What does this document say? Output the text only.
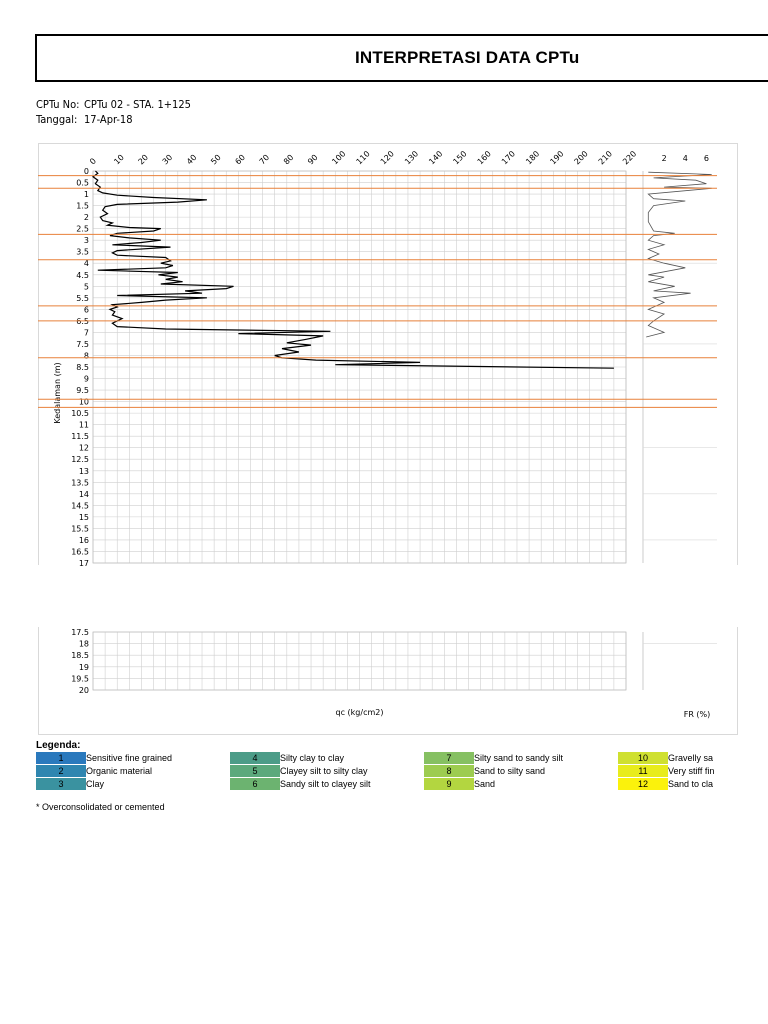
INTERPRETASI DATA CPTu
CPTu No: CPTu 02 - STA. 1+125
Tanggal: 17-Apr-18
0 10 20 30 40 50 60 70 80 90 100 110 120 130 140 150 160 170 180 190 200 210 220
0
0.5
1
1.5
2
2.5
3
3.5
4
4.5
5
5.5
6
6.5
7
7.5
8
8.5
9
9.5
10
10.5
11
11.5
12
12.5
13
13.5
14
14.5
15
15.5
16
16.5
17
17.5
18
18.5
19
19.5
20
2 4 6
Kedalaman (m)
qc (kg/cm2)	FR (%)
Legenda:
1	Sensitive fine grained
2	Organic material
3	Clay
4	Silty clay to clay
5	Clayey silt to silty clay
6	Sandy silt to clayey silt
7	Silty sand to sandy silt
8	Sand to silty sand
9	Sand
10	Gravelly sa
11	Very stiff fin
12	Sand to cla
* Overconsolidated or cemented
